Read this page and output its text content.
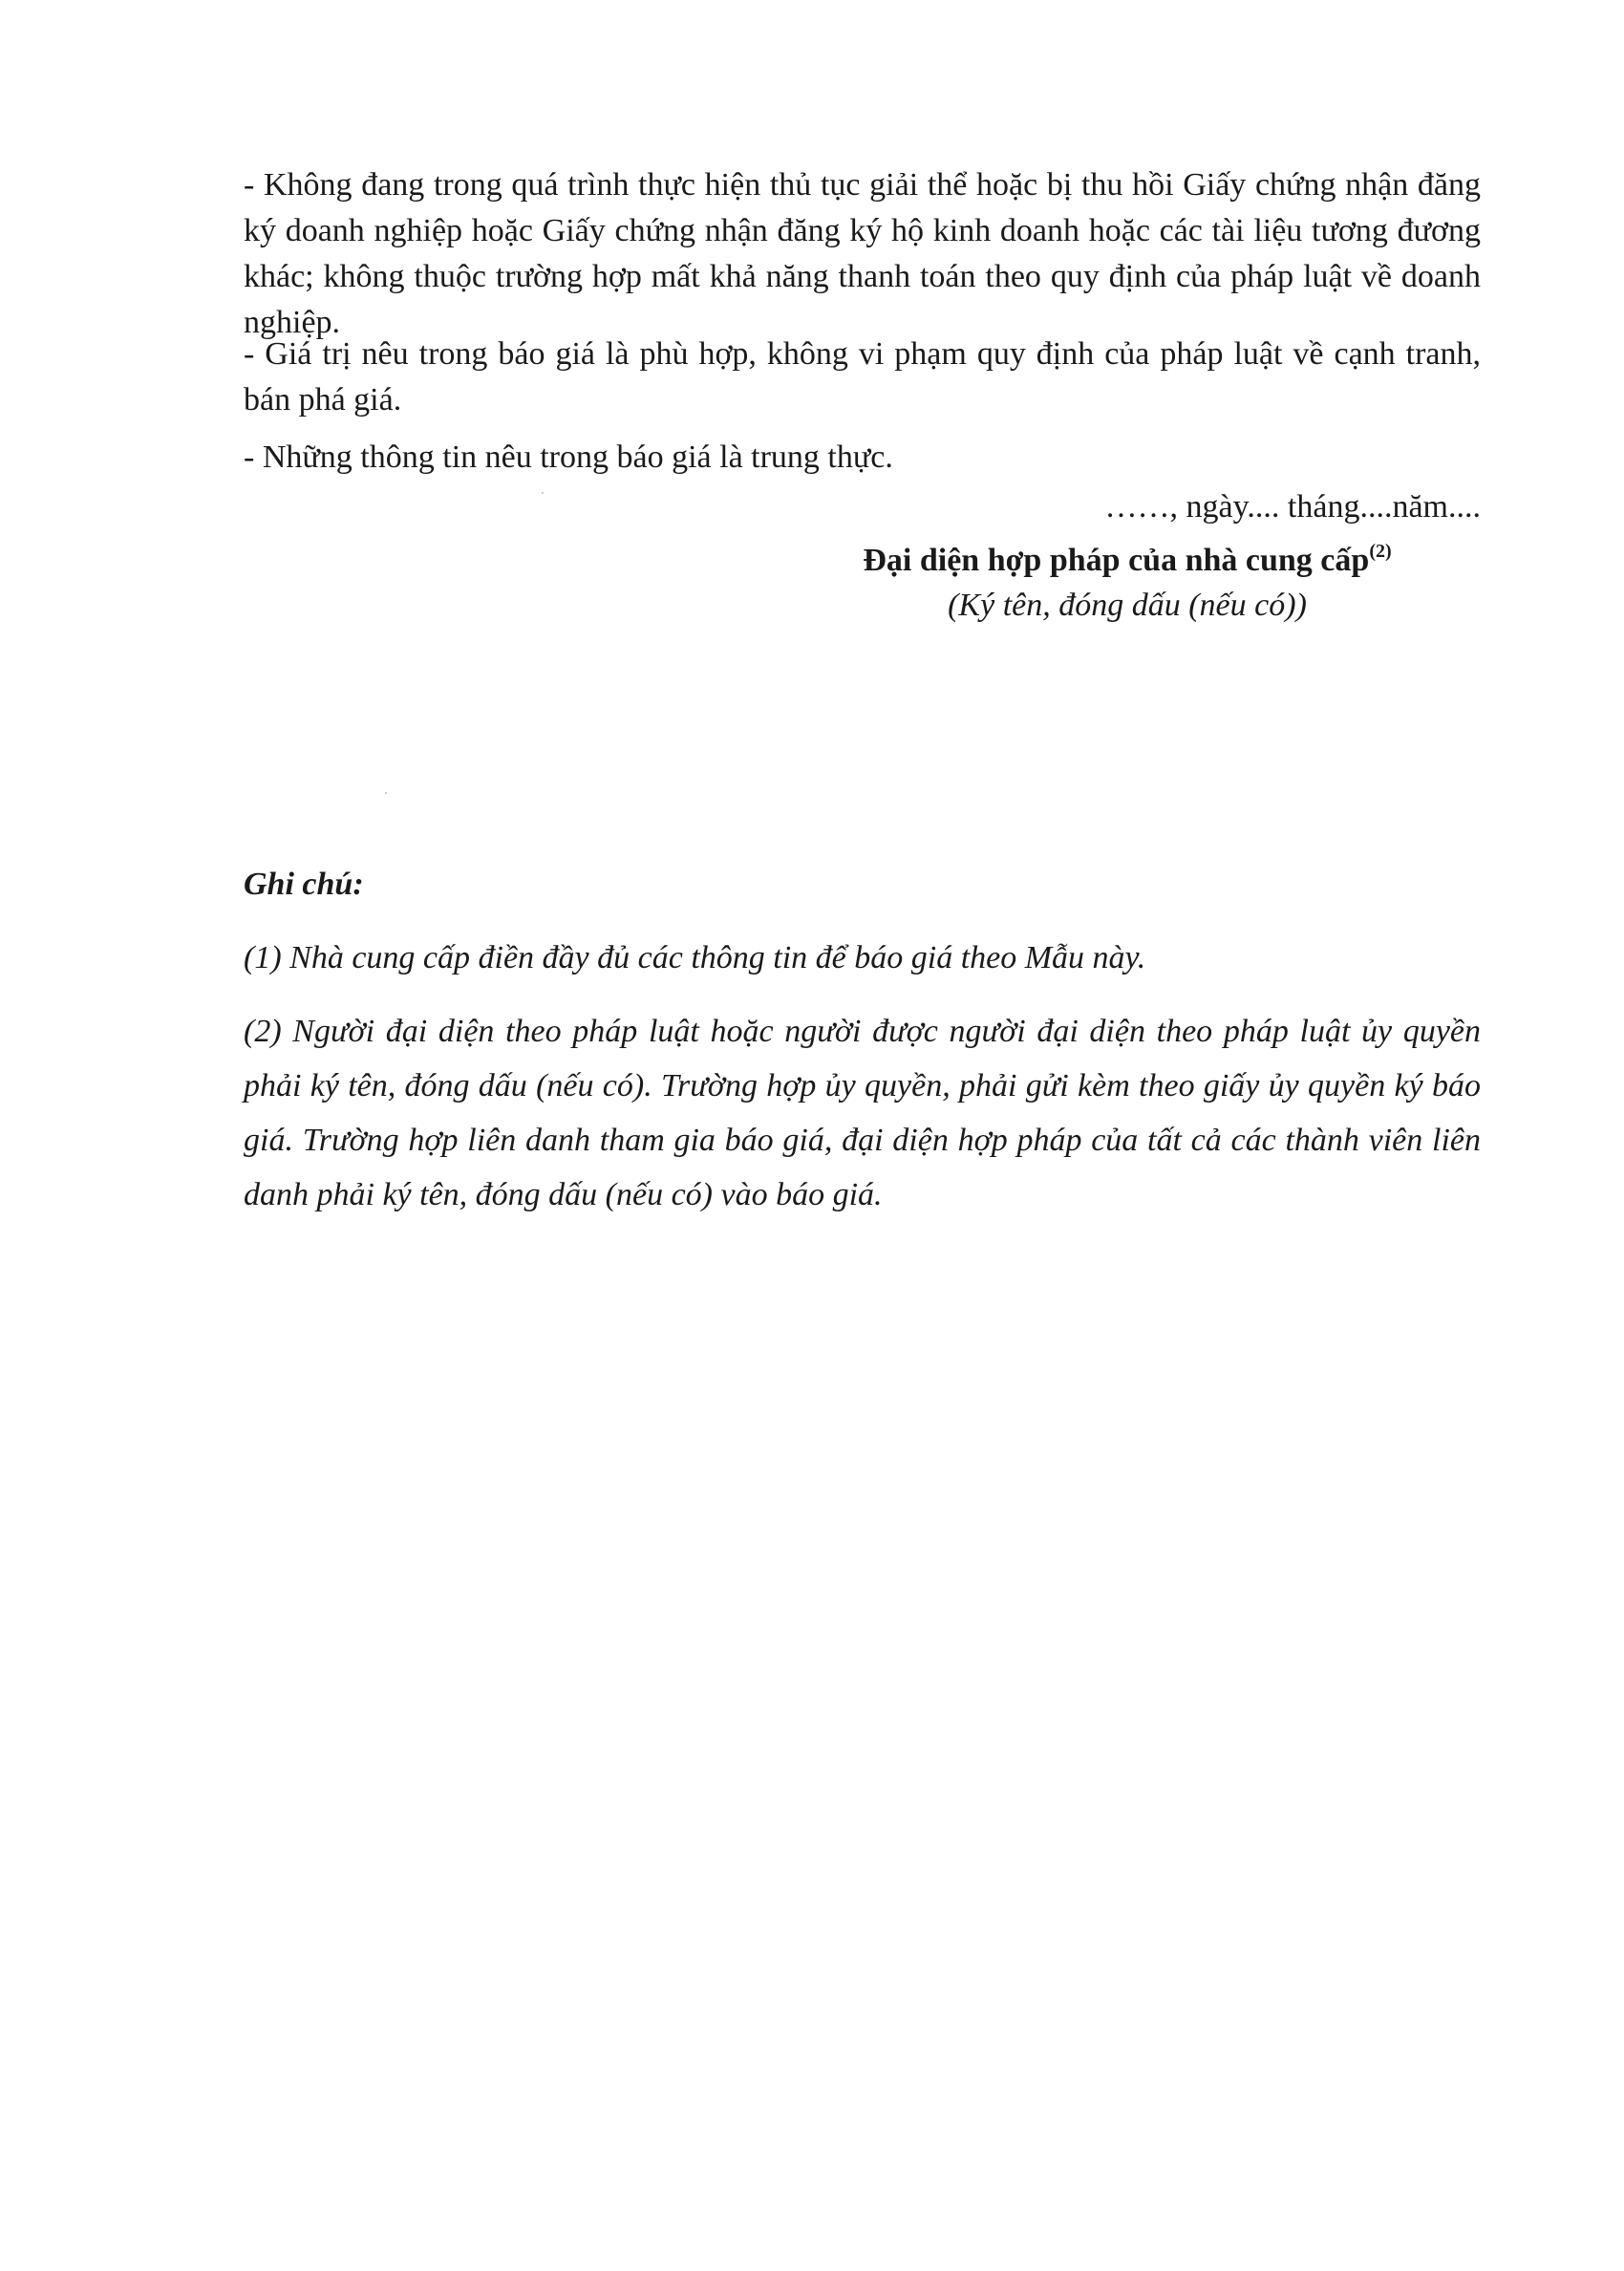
- Không đang trong quá trình thực hiện thủ tục giải thể hoặc bị thu hồi Giấy chứng nhận đăng ký doanh nghiệp hoặc Giấy chứng nhận đăng ký hộ kinh doanh hoặc các tài liệu tương đương khác; không thuộc trường hợp mất khả năng thanh toán theo quy định của pháp luật về doanh nghiệp.

- Giá trị nêu trong báo giá là phù hợp, không vi phạm quy định của pháp luật về cạnh tranh, bán phá giá.

- Những thông tin nêu trong báo giá là trung thực.

……, ngày.... tháng....năm....

Đại diện hợp pháp của nhà cung cấp$^{(2)}$

(Ký tên, đóng dấu (nếu có))

Ghi chú:

(1) Nhà cung cấp điền đầy đủ các thông tin để báo giá theo Mẫu này.

(2) Người đại diện theo pháp luật hoặc người được người đại diện theo pháp luật ủy quyền phải ký tên, đóng dấu (nếu có). Trường hợp ủy quyền, phải gửi kèm theo giấy ủy quyền ký báo giá. Trường hợp liên danh tham gia báo giá, đại diện hợp pháp của tất cả các thành viên liên danh phải ký tên, đóng dấu (nếu có) vào báo giá.
